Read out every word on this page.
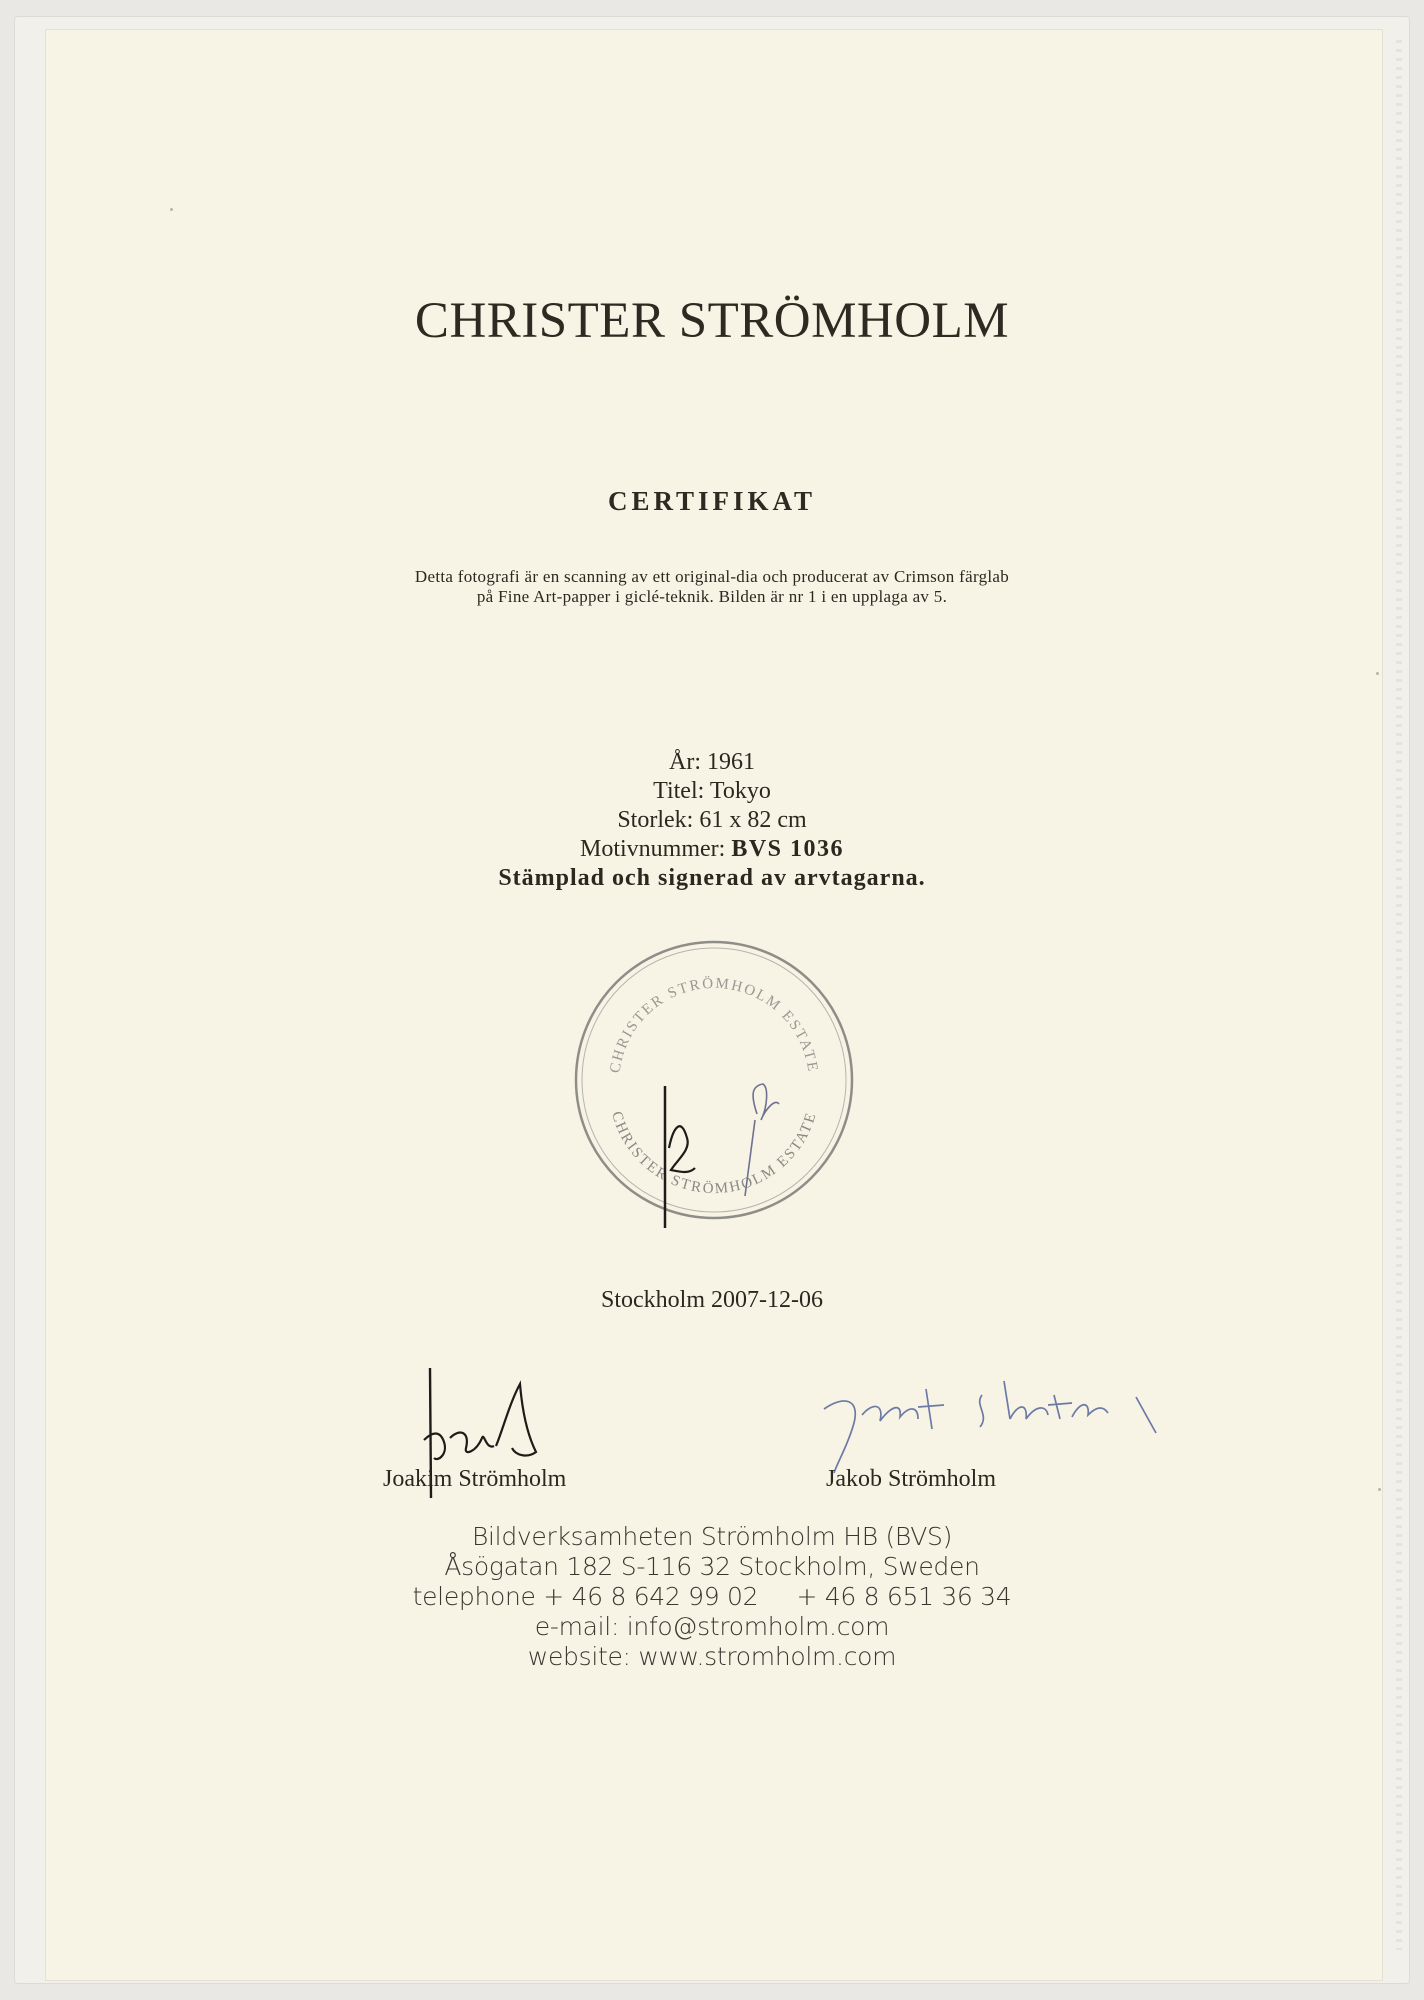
CHRISTER STRÖMHOLM
CERTIFIKAT
Detta fotografi är en scanning av ett original-dia och producerat av Crimson färglab
på Fine Art-papper i giclé-teknik. Bilden är nr 1 i en upplaga av 5.
År: 1961
Titel: Tokyo
Storlek: 61 x 82 cm
Motivnummer: BVS 1036
Stämplad och signerad av arvtagarna.
CHRISTER STRÖMHOLM ESTATE
CHRISTER STRÖMHOLM ESTATE
Stockholm 2007-12-06
Joakim Strömholm	Jakob Strömholm
Bildverksamheten Strömholm HB (BVS)
Åsögatan 182 S-116 32 Stockholm, Sweden
telephone + 46 8 642 99 02     + 46 8 651 36 34
e-mail: info@stromholm.com
website: www.stromholm.com
